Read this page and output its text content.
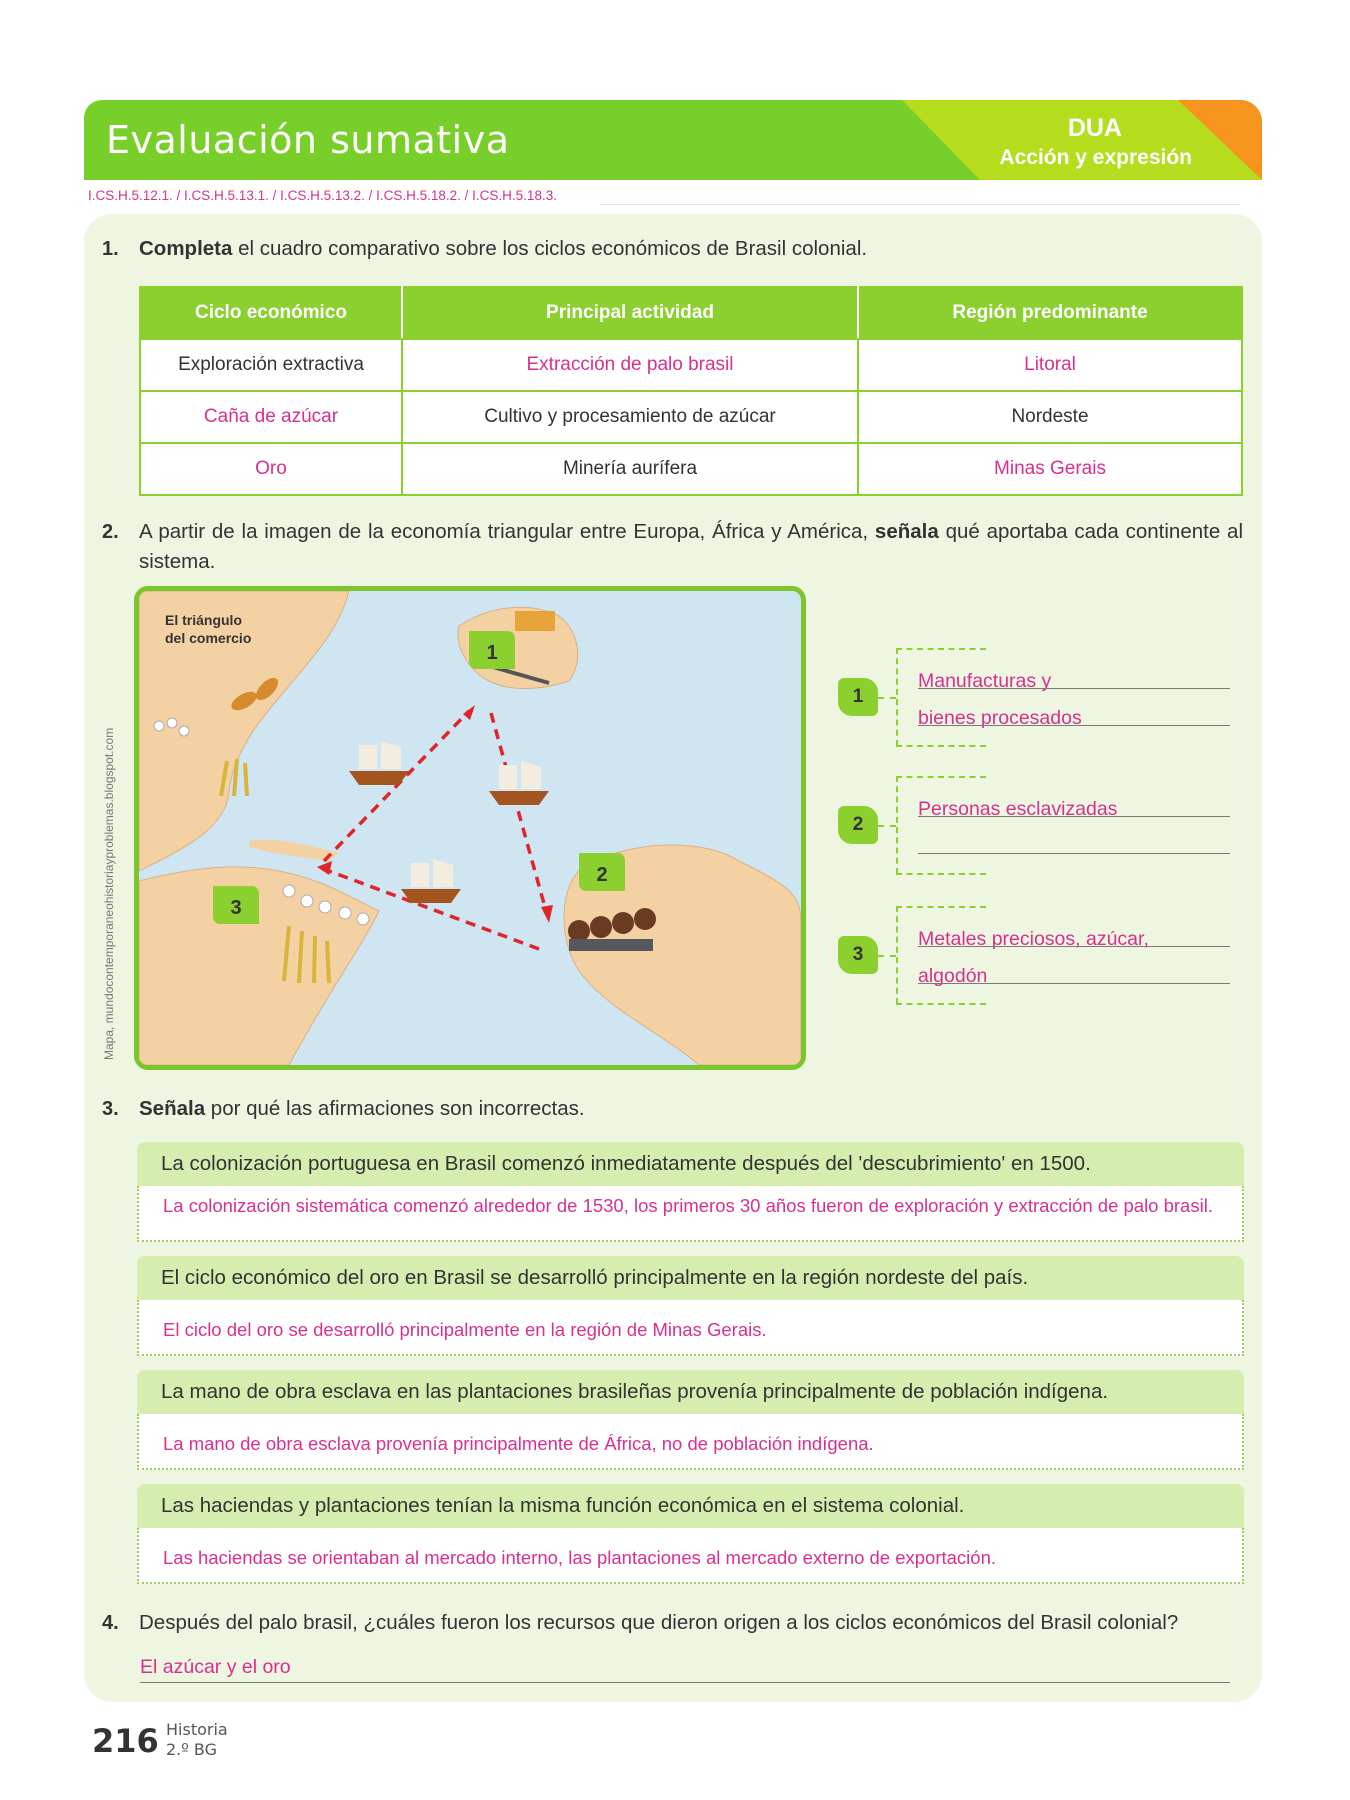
Evaluación sumativa	DUA
Acción y expresión
I.CS.H.5.12.1. / I.CS.H.5.13.1. / I.CS.H.5.13.2. / I.CS.H.5.18.2. / I.CS.H.5.18.3.
1. Completa el cuadro comparativo sobre los ciclos económicos de Brasil colonial.
Ciclo económico	Principal actividad	Región predominante
Exploración extractiva	Extracción de palo brasil	Litoral
Caña de azúcar	Cultivo y procesamiento de azúcar	Nordeste
Oro	Minería aurífera	Minas Gerais
2. A partir de la imagen de la economía triangular entre Europa, África y América, señala qué aportaba cada continente al sistema.
Mapa, mundocontemporaneohistoriayproblemas.blogspot.com
El triángulo
del comercio
1
2
3
1
Manufacturas y
bienes procesados
2
Personas esclavizadas
3
Metales preciosos, azúcar,
algodón
3. Señala por qué las afirmaciones son incorrectas.
La colonización portuguesa en Brasil comenzó inmediatamente después del 'descubrimiento' en 1500.
La colonización sistemática comenzó alrededor de 1530, los primeros 30 años fueron de exploración y extracción de palo brasil.
El ciclo económico del oro en Brasil se desarrolló principalmente en la región nordeste del país.
El ciclo del oro se desarrolló principalmente en la región de Minas Gerais.
La mano de obra esclava en las plantaciones brasileñas provenía principalmente de población indígena.
La mano de obra esclava provenía principalmente de África, no de población indígena.
Las haciendas y plantaciones tenían la misma función económica en el sistema colonial.
Las haciendas se orientaban al mercado interno, las plantaciones al mercado externo de exportación.
4. Después del palo brasil, ¿cuáles fueron los recursos que dieron origen a los ciclos económicos del Brasil colonial?
El azúcar y el oro
216 Historia
2.º BG
